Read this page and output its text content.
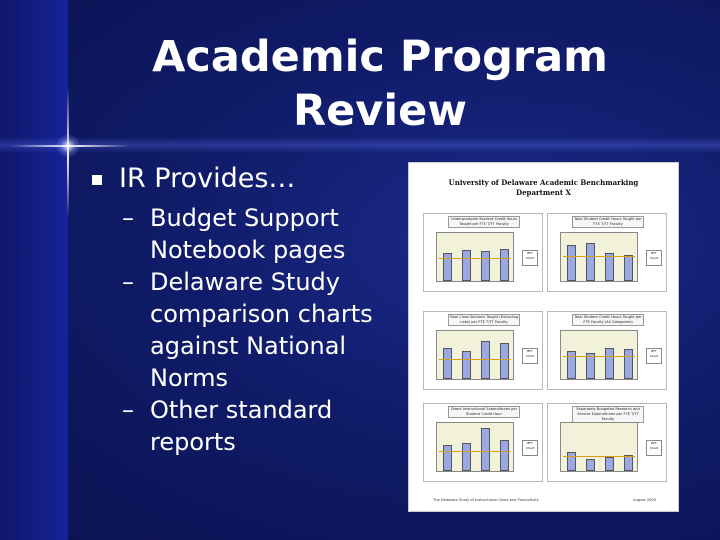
Academic Program
Review
IR Provides…
– Budget Support
Notebook pages
– Delaware Study
comparison charts
against National
Norms
– Other standard
reports
University of Delaware Academic Benchmarking
Department X
Undergraduate Student Credit Hours Taught per FTE T/TT Faculty
BFT
Chart
Total Student Credit Hours Taught per FTE T/TT Faculty
BFT
Chart
Total Class Sections Taught (Excluding Labs) per FTE T/TT Faculty
BFT
Chart
Total Student Credit Hours Taught per FTE Faculty (All Categories)
BFT
Chart
Direct Instructional Expenditures per Student Credit Hour
BFT
Chart
Separately Budgeted Research and Service Expenditures per FTE T/TT Faculty
BFT
Chart
The Delaware Study of Instructional Costs and Productivity	August 2005
